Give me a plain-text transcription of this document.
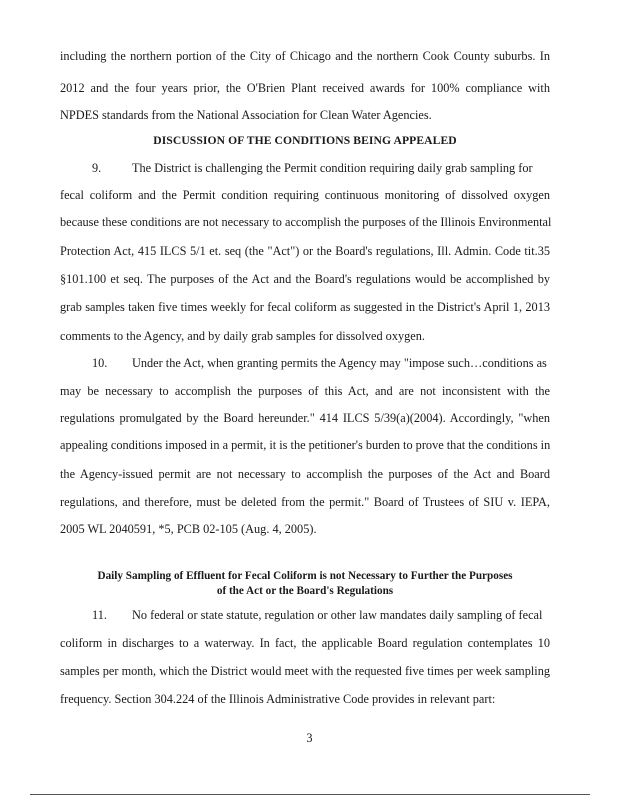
including the northern portion of the City of Chicago and the northern Cook County suburbs. In
2012 and the four years prior, the O'Brien Plant received awards for 100% compliance with
NPDES standards from the National Association for Clean Water Agencies.
DISCUSSION OF THE CONDITIONS BEING APPEALED
9.	The District is challenging the Permit condition requiring daily grab sampling for
fecal coliform and the Permit condition requiring continuous monitoring of dissolved oxygen
because these conditions are not necessary to accomplish the purposes of the Illinois Environmental
Protection Act, 415 ILCS 5/1 et. seq (the "Act") or the Board's regulations, Ill. Admin. Code tit.35
§101.100 et seq. The purposes of the Act and the Board's regulations would be accomplished by
grab samples taken five times weekly for fecal coliform as suggested in the District's April 1, 2013
comments to the Agency, and by daily grab samples for dissolved oxygen.
10. Under the Act, when granting permits the Agency may "impose such…conditions as
may be necessary to accomplish the purposes of this Act, and are not inconsistent with the
regulations promulgated by the Board hereunder." 414 ILCS 5/39(a)(2004). Accordingly, "when
appealing conditions imposed in a permit, it is the petitioner's burden to prove that the conditions in
the Agency-issued permit are not necessary to accomplish the purposes of the Act and Board
regulations, and therefore, must be deleted from the permit." Board of Trustees of SIU v. IEPA,
2005 WL 2040591, *5, PCB 02-105 (Aug. 4, 2005).
Daily Sampling of Effluent for Fecal Coliform is not Necessary to Further the Purposes
of the Act or the Board's Regulations
11. No federal or state statute, regulation or other law mandates daily sampling of fecal
coliform in discharges to a waterway. In fact, the applicable Board regulation contemplates 10
samples per month, which the District would meet with the requested five times per week sampling
frequency. Section 304.224 of the Illinois Administrative Code provides in relevant part:
3
